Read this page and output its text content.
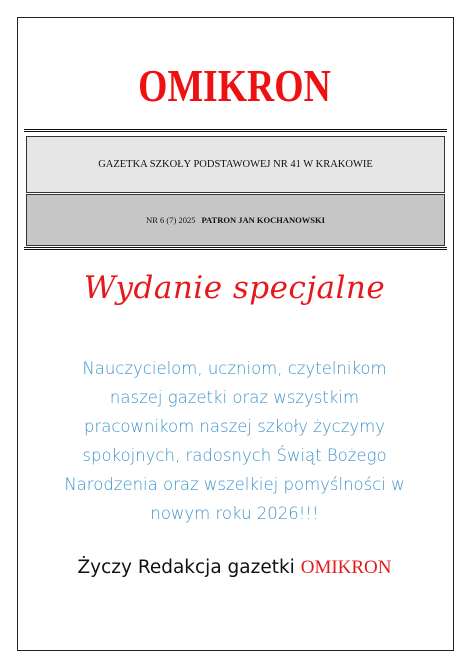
OMIKRON
GAZETKA SZKOŁY PODSTAWOWEJ NR 41 W KRAKOWIE
NR 6 (7) 2025 PATRON JAN KOCHANOWSKI
Wydanie specjalne
Nauczycielom, uczniom, czytelnikom
naszej gazetki oraz wszystkim
pracownikom naszej szkoły życzymy
spokojnych, radosnych Świąt Bożego
Narodzenia oraz wszelkiej pomyślności w
nowym roku 2026!!!
Życzy Redakcja gazetki OMIKRON
